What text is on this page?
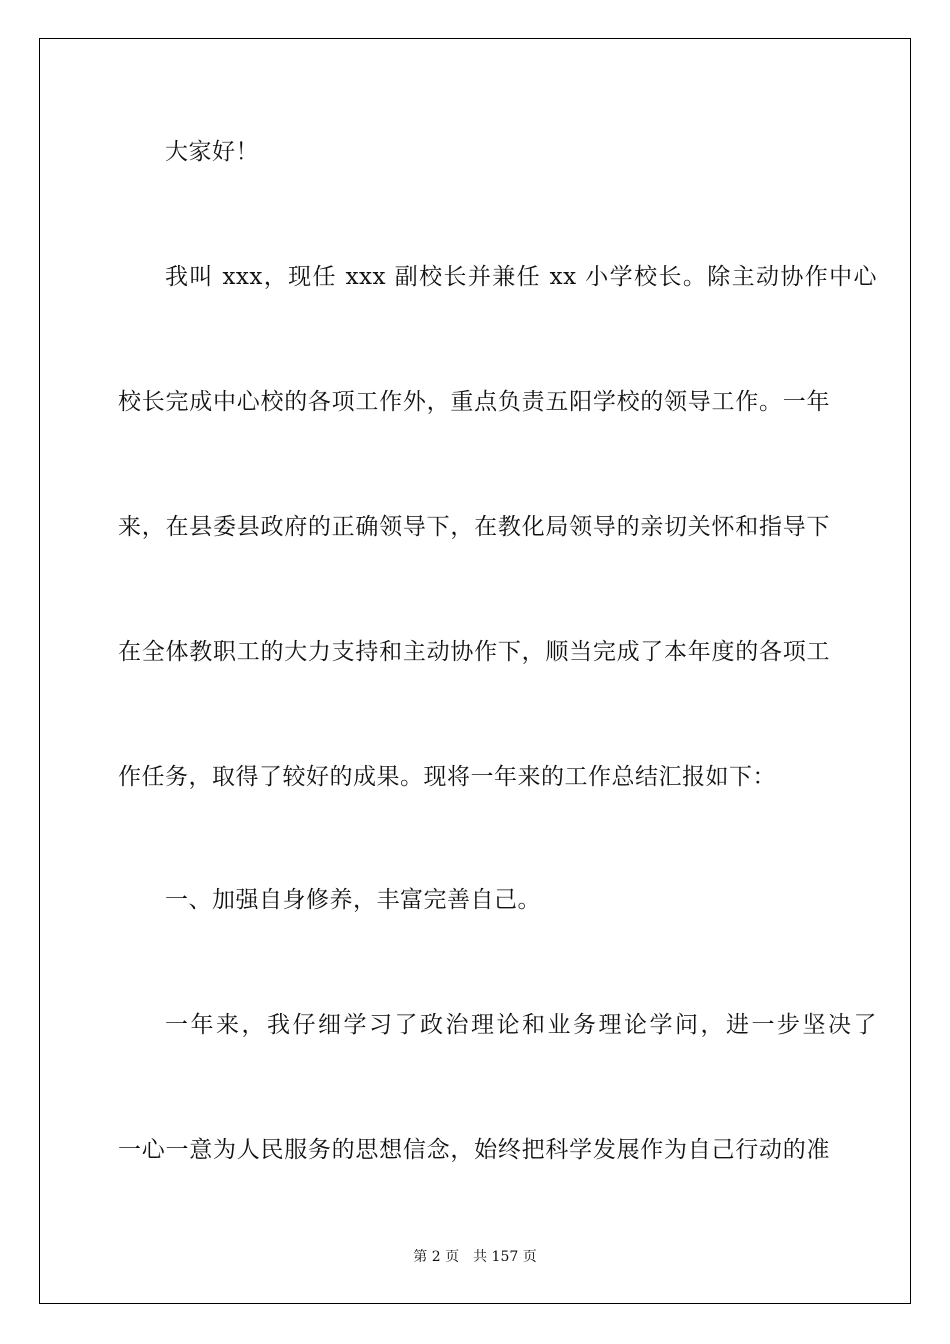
大家好！
我叫 xxx，现任 xxx 副校长并兼任 xx 小学校长。除主动协作中心
校长完成中心校的各项工作外，重点负责五阳学校的领导工作。一年
来，在县委县政府的正确领导下，在教化局领导的亲切关怀和指导下
在全体教职工的大力支持和主动协作下，顺当完成了本年度的各项工
作任务，取得了较好的成果。现将一年来的工作总结汇报如下：
一、加强自身修养，丰富完善自己。
一年来，我仔细学习了政治理论和业务理论学问，进一步坚决了
一心一意为人民服务的思想信念，始终把科学发展作为自己行动的准
第 2 页 共 157 页
